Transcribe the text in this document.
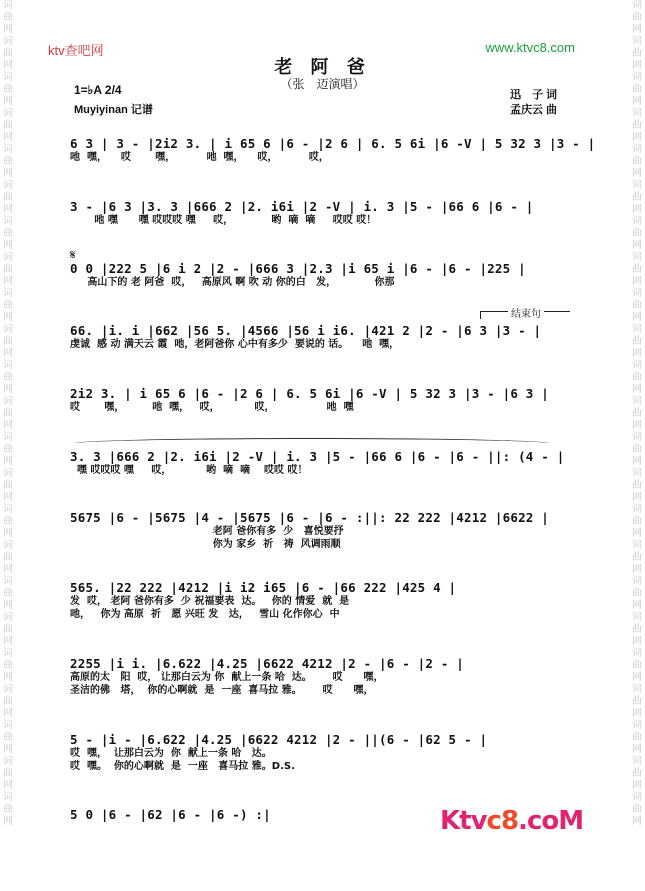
词
曲
网
词
曲
网
词
曲
网
词
曲
网
词
曲
网
词
曲
网
词
曲
网
词
曲
网
词
曲
网
词
曲
网
词
曲
网
词
曲
网
词
曲
网
词
曲
网
词
曲
网
词
曲
网
词
曲
网
词
曲
网
词
曲
网
词
曲
网
词
曲
网
词
曲
网
词
曲
网
词
曲
网
词
曲
网
词
曲
网
词
曲
网
词
曲
网
词
曲
网
词
曲
网
词
曲
网
词
曲
网
词
曲
网
词
曲
网
词
曲
网
词
曲
网
词
曲
网
词
曲
网
词
曲
网
词
曲
网
词
曲
网
词
曲
网
词
曲
网
词
曲
网
词
曲
网
词
曲
网
ktv查吧网	www.ktvc8.com
老 阿 爸
（张　迈演唱）
1=♭A 2/4
Muyiyinan 记谱
迅　子 词
孟庆云 曲
𝄋
结束句
6 3 | 3 - |2i2 3. | i 65 6 |6 - |2 6 | 6. 5 6i |6 -V | 5 32 3 |3 - |
吔  嘿，    哎       嘿，         吔  嘿，    哎，         哎，
3 - |6 3 |3. 3 |666 2 |2. i6i |2 -V | i. 3 |5 - |66 6 |6 - |
吔 嘿      嘿 哎哎哎 嘿     哎，           哟  嘀  嘀     哎哎 哎！
0 0 |222 5 |6 i 2 |2 - |666 3 |2.3 |i 65 i |6 - |6 - |225 |
高山下的 老 阿爸  哎，   高原风 啊 吹 动 你的白   发，           你那
66. |i. i |662 |56 5. |4566 |56 i i6. |421 2 |2 - |6 3 |3 - |
虔诚  感 动 满天云 霞  吔，老阿爸你 心中有多少  要说的 话。    吔  嘿，
2i2 3. | i 65 6 |6 - |2 6 | 6. 5 6i |6 -V | 5 32 3 |3 - |6 3 |
哎       嘿，        吔  嘿，   哎，          哎，               吔  嘿
3. 3 |666 2 |2. i6i |2 -V | i. 3 |5 - |66 6 |6 - |6 - ||: (4 - |
嘿 哎哎哎 嘿     哎，          哟  嘀  嘀    哎哎 哎！
5675 |6 - |5675 |4 - |5675 |6 - |6 - :||: 22 222 |4212 |6622 |
老阿 爸你有多  少   喜悦要抒
你为 家乡  祈   祷  风调雨顺
565. |22 222 |4212 |i i2 i65 |6 - |66 222 |425 4 |
发  哎， 老阿 爸你有多  少 祝福要表  达。   你的 情爱  就  是
吔，   你为 高原  祈   愿 兴旺 发   达，   雪山 化作你心  中
2255 |i i. |6.622 |4.25 |6622 4212 |2 - |6 - |2 - |
高原的太   阳  哎， 让那白云为 你  献上一条 哈  达。      哎      嘿，
圣洁的佛   塔，  你的心啊就  是  一座  喜马拉 雅。      哎      嘿，
5 - |i - |6.622 |4.25 |6622 4212 |2 - ||(6 - |62 5 - |
哎  嘿，  让那白云为  你  献上一条 哈   达。
哎  嘿。  你的心啊就  是  一座   喜马拉 雅。D.S.
5 0 |6 - |62 |6 - |6 -) :|	Ktvc8.coM
